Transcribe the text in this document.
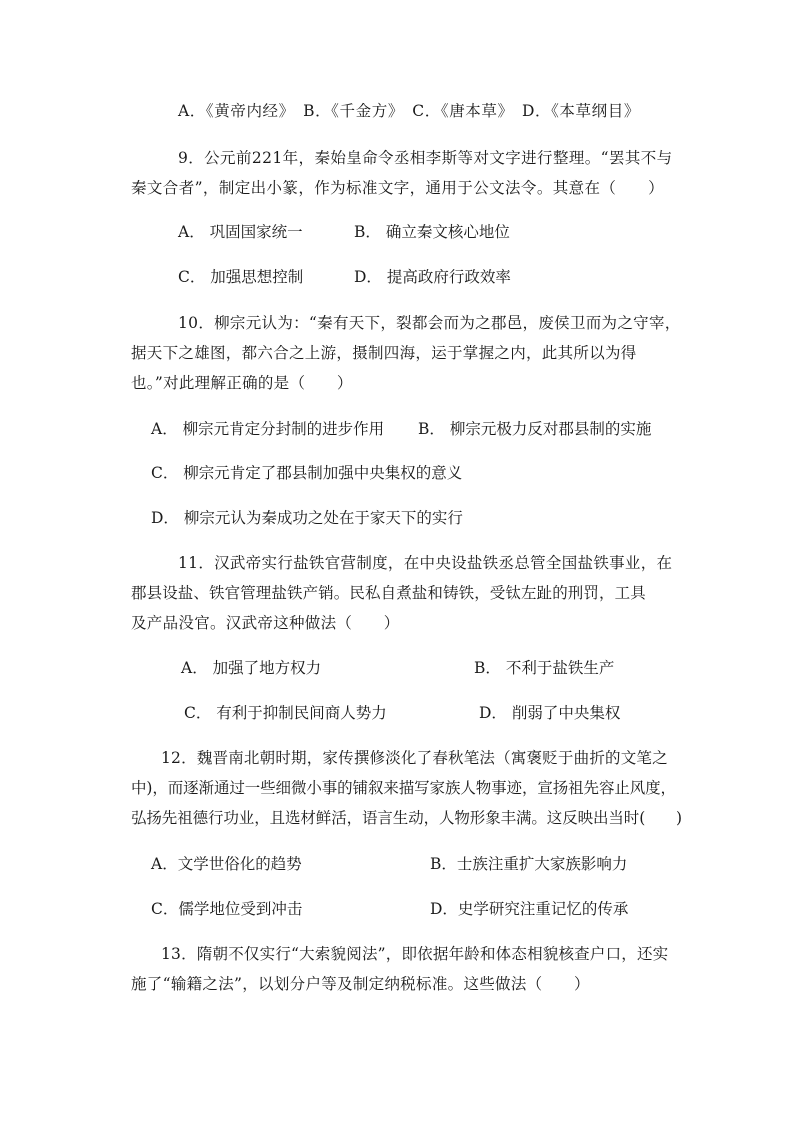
A．《黄帝内经》　B．《千金方》　C．《唐本草》　D．《本草纲目》
9．公元前221年，秦始皇命令丞相李斯等对文字进行整理。“罢其不与
秦文合者”，制定出小篆，作为标准文字，通用于公文法令。其意在（　　）
A． 巩固国家统一	B． 确立秦文核心地位
C． 加强思想控制	D． 提高政府行政效率
10．柳宗元认为：“秦有天下，裂都会而为之郡邑，废侯卫而为之守宰，
据天下之雄图，都六合之上游，摄制四海，运于掌握之内，此其所以为得
也。”对此理解正确的是（　　）
A． 柳宗元肯定分封制的进步作用 B． 柳宗元极力反对郡县制的实施
C． 柳宗元肯定了郡县制加强中央集权的意义
D． 柳宗元认为秦成功之处在于家天下的实行
11．汉武帝实行盐铁官营制度，在中央设盐铁丞总管全国盐铁事业，在
郡县设盐、铁官管理盐铁产销。民私自煮盐和铸铁，受钛左趾的刑罚，工具
及产品没官。汉武帝这种做法（　　）
A． 加强了地方权力	B． 不利于盐铁生产
C． 有利于抑制民间商人势力	D． 削弱了中央集权
12．魏晋南北朝时期，家传撰修淡化了春秋笔法（寓褒贬于曲折的文笔之
中)，而逐渐通过一些细微小事的铺叙来描写家族人物事迹，宣扬祖先容止风度，
弘扬先祖德行功业，且选材鲜活，语言生动，人物形象丰满。这反映出当时(　　)
A．文学世俗化的趋势	B．士族注重扩大家族影响力
C．儒学地位受到冲击	D．史学研究注重记忆的传承
13．隋朝不仅实行“大索貌阅法”，即依据年龄和体态相貌核查户口，还实
施了“输籍之法”，以划分户等及制定纳税标准。这些做法（　　）
